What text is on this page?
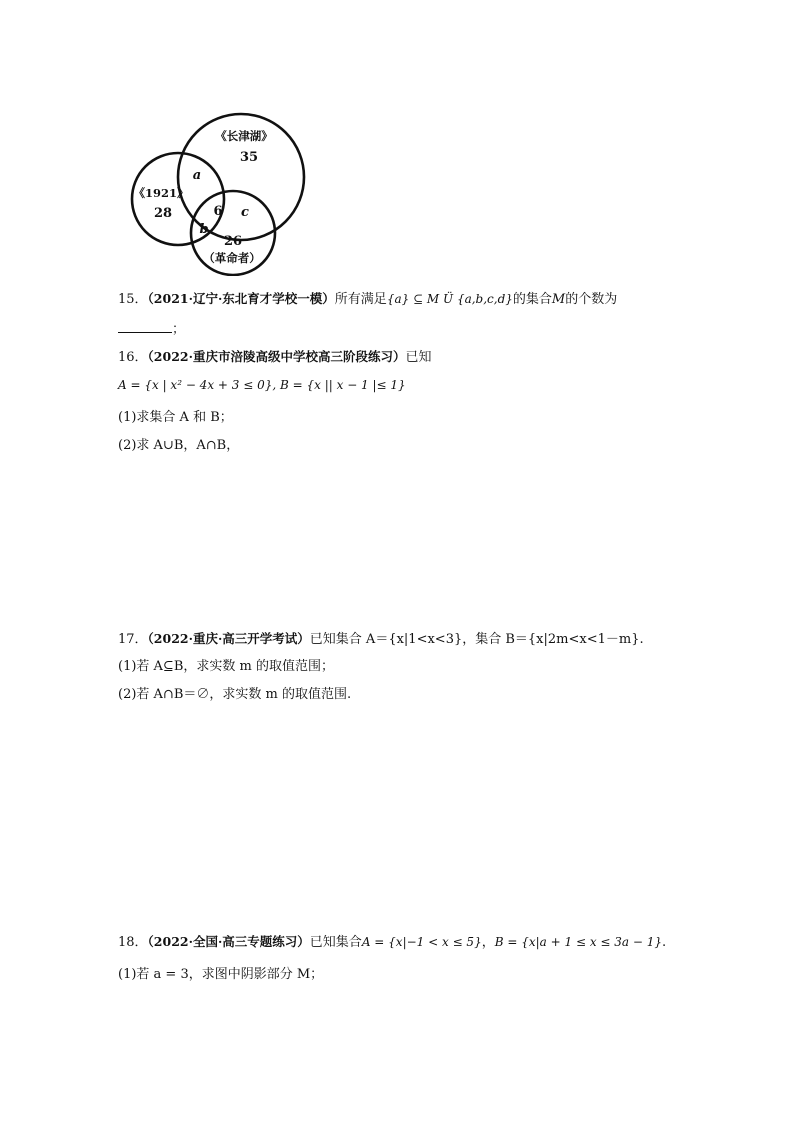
《长津湖》
35
《1921》
28
a
6
b
c
26
（革命者）
15．（2021·辽宁·东北育才学校一模）所有满足{a} ⊆ M Ü {a,b,c,d}的集合M的个数为
；
16．（2022·重庆市涪陵高级中学校高三阶段练习）已知
A = {x | x² − 4x + 3 ≤ 0}, B = {x || x − 1 |≤ 1}
(1)求集合 A 和 B；
(2)求 A∪B，A∩B，
17．（2022·重庆·高三开学考试）已知集合 A＝{x|1<x<3}，集合 B＝{x|2m<x<1－m}.
(1)若 A⊆B，求实数 m 的取值范围；
(2)若 A∩B＝∅，求实数 m 的取值范围.
18．（2022·全国·高三专题练习）已知集合A = {x|−1 < x ≤ 5}，B = {x|a + 1 ≤ x ≤ 3a − 1}.
(1)若 a = 3，求图中阴影部分 M；
